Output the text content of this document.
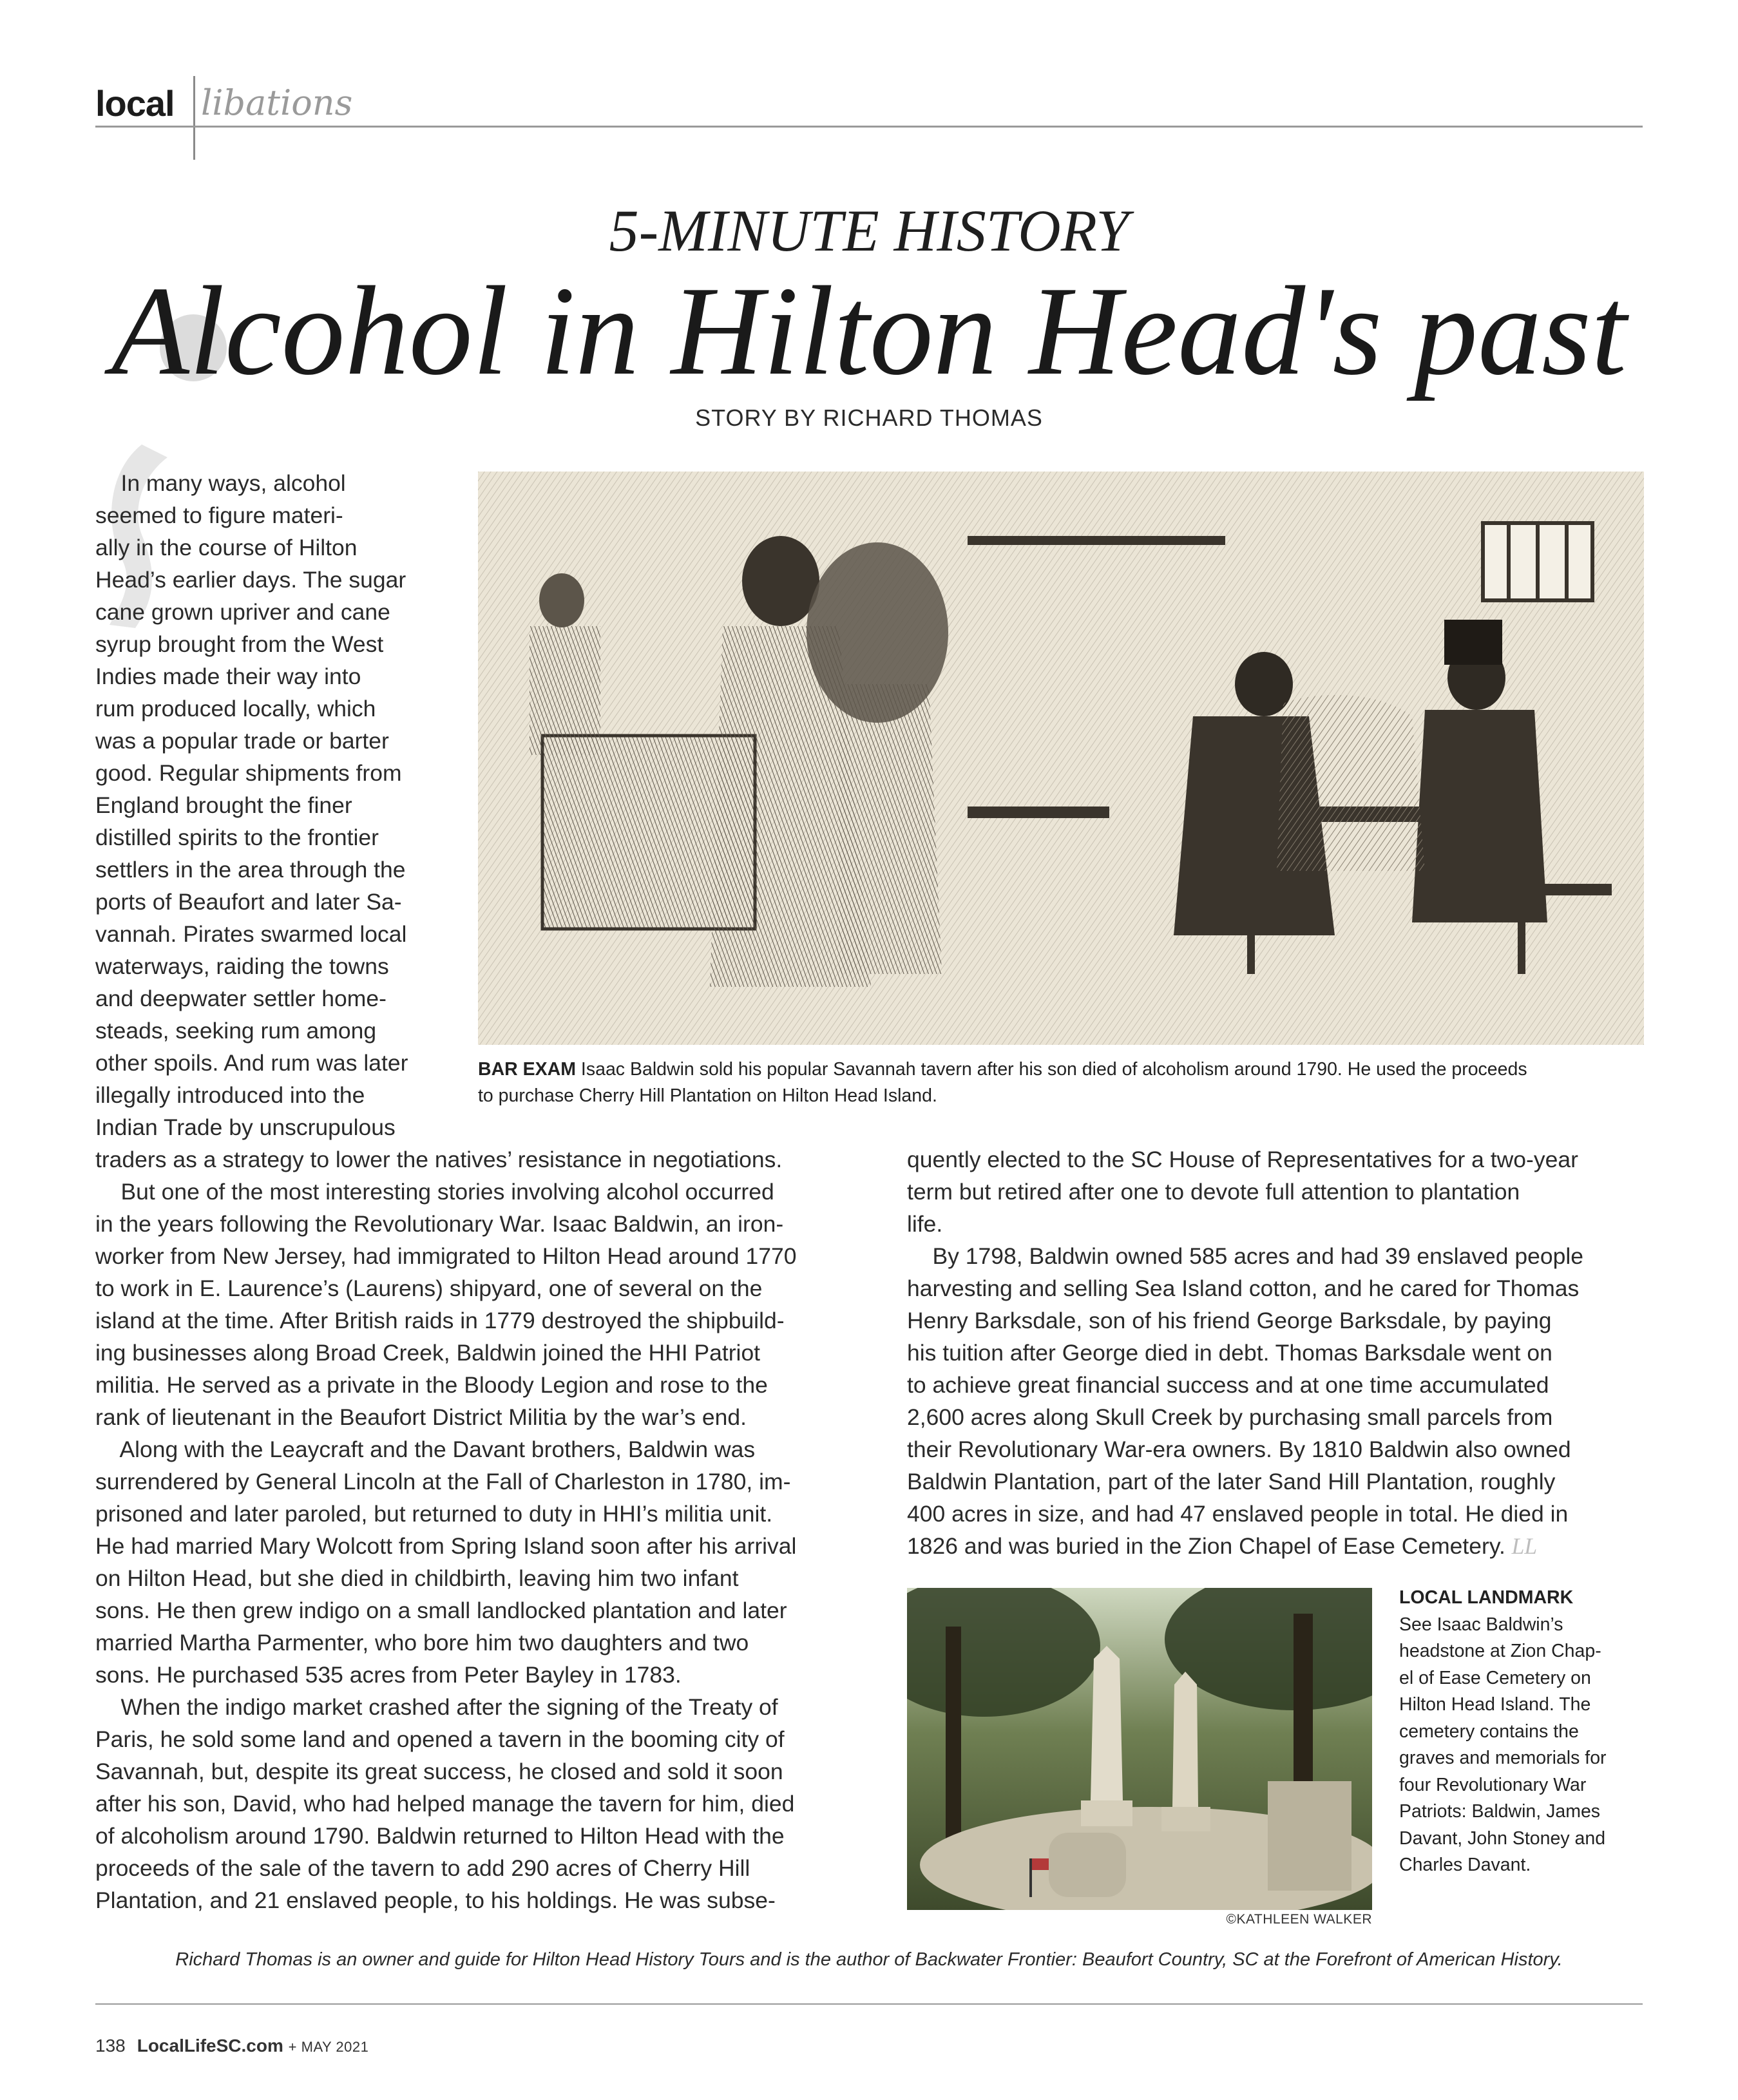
local libations
5-MINUTE HISTORY
Alcohol in Hilton Head's past
STORY BY RICHARD THOMAS
In many ways, alcohol
seemed to figure materi-
ally in the course of Hilton
Head’s earlier days. The sugar
cane grown upriver and cane
syrup brought from the West
Indies made their way into
rum produced locally, which
was a popular trade or barter
good. Regular shipments from
England brought the finer
distilled spirits to the frontier
settlers in the area through the
ports of Beaufort and later Sa-
vannah. Pirates swarmed local
waterways, raiding the towns
and deepwater settler home-
steads, seeking rum among
other spoils. And rum was later
illegally introduced into the
Indian Trade by unscrupulous
BAR EXAM Isaac Baldwin sold his popular Savannah tavern after his son died of alcoholism around 1790. He used the proceeds
to purchase Cherry Hill Plantation on Hilton Head Island.
traders as a strategy to lower the natives’ resistance in negotiations.
But one of the most interesting stories involving alcohol occurred
in the years following the Revolutionary War. Isaac Baldwin, an iron-
worker from New Jersey, had immigrated to Hilton Head around 1770
to work in E. Laurence’s (Laurens) shipyard, one of several on the
island at the time. After British raids in 1779 destroyed the shipbuild-
ing businesses along Broad Creek, Baldwin joined the HHI Patriot
militia. He served as a private in the Bloody Legion and rose to the
rank of lieutenant in the Beaufort District Militia by the war’s end.
Along with the Leaycraft and the Davant brothers, Baldwin was
surrendered by General Lincoln at the Fall of Charleston in 1780, im-
prisoned and later paroled, but returned to duty in HHI’s militia unit.
He had married Mary Wolcott from Spring Island soon after his arrival
on Hilton Head, but she died in childbirth, leaving him two infant
sons. He then grew indigo on a small landlocked plantation and later
married Martha Parmenter, who bore him two daughters and two
sons. He purchased 535 acres from Peter Bayley in 1783.
When the indigo market crashed after the signing of the Treaty of
Paris, he sold some land and opened a tavern in the booming city of
Savannah, but, despite its great success, he closed and sold it soon
after his son, David, who had helped manage the tavern for him, died
of alcoholism around 1790. Baldwin returned to Hilton Head with the
proceeds of the sale of the tavern to add 290 acres of Cherry Hill
Plantation, and 21 enslaved people, to his holdings. He was subse-
quently elected to the SC House of Representatives for a two-year
term but retired after one to devote full attention to plantation
life.
By 1798, Baldwin owned 585 acres and had 39 enslaved people
harvesting and selling Sea Island cotton, and he cared for Thomas
Henry Barksdale, son of his friend George Barksdale, by paying
his tuition after George died in debt. Thomas Barksdale went on
to achieve great financial success and at one time accumulated
2,600 acres along Skull Creek by purchasing small parcels from
their Revolutionary War-era owners. By 1810 Baldwin also owned
Baldwin Plantation, part of the later Sand Hill Plantation, roughly
400 acres in size, and had 47 enslaved people in total. He died in
1826 and was buried in the Zion Chapel of Ease Cemetery. LL
©KATHLEEN WALKER
LOCAL LANDMARK
See Isaac Baldwin’s
headstone at Zion Chap-
el of Ease Cemetery on
Hilton Head Island. The
cemetery contains the
graves and memorials for
four Revolutionary War
Patriots: Baldwin, James
Davant, John Stoney and
Charles Davant.
Richard Thomas is an owner and guide for Hilton Head History Tours and is the author of Backwater Frontier: Beaufort Country, SC at the Forefront of American History.
138 LocalLifeSC.com + MAY 2021
